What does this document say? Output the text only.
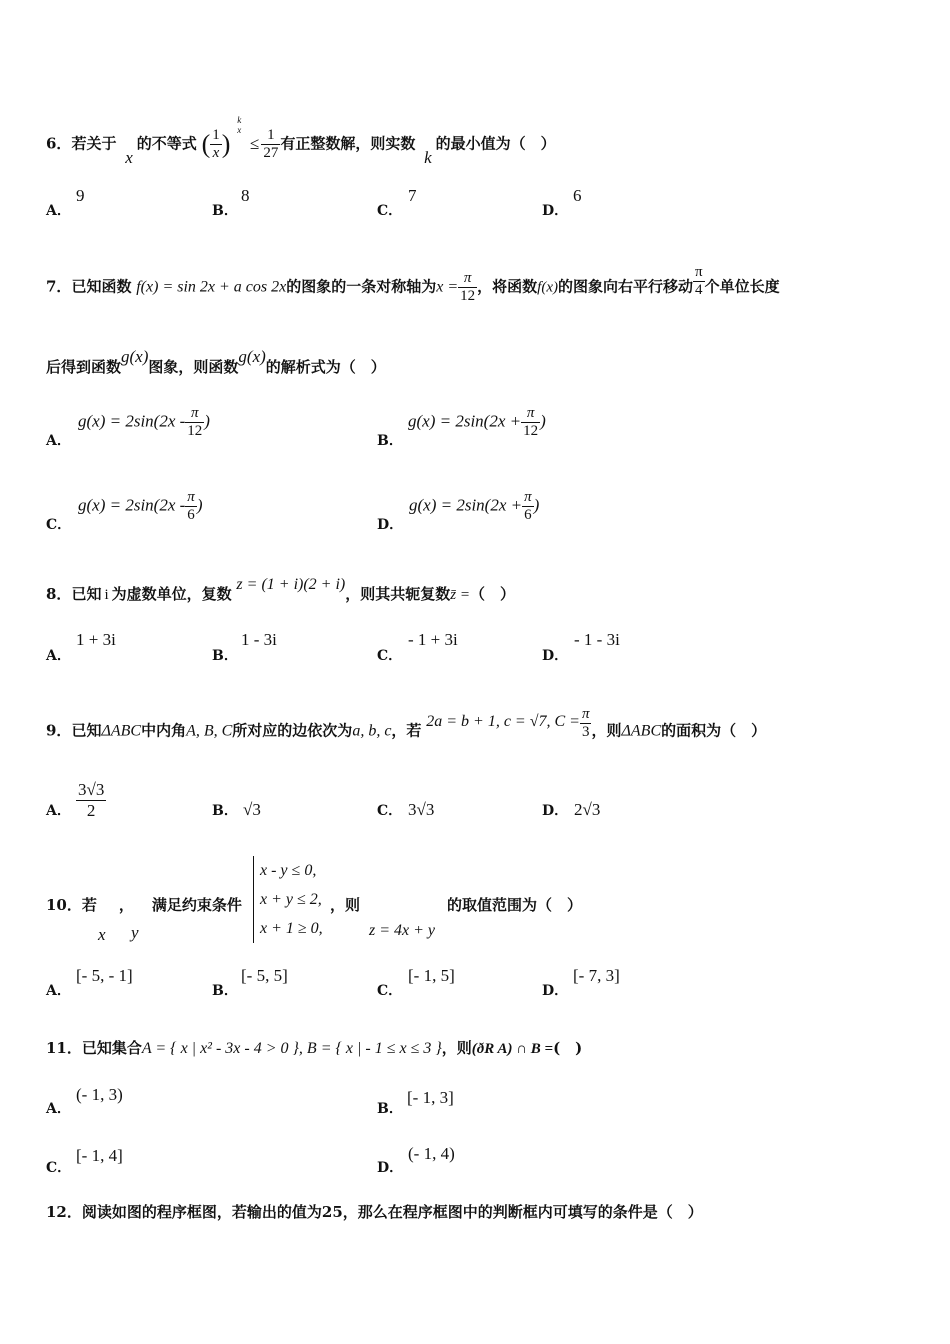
6．若关于 x的不等式 ( $\frac{1}{x}$ )
k
x
≤ $\frac{1}{27}$ 有正整数解，则实数 k的最小值为（　）
A．
9
B．
8
C．
7
D．
6
7．已知函数 f(x) = sin 2x + a cos 2x的图象的一条对称轴为$x = \frac{\pi}{12}$ ，将函数f(x)的图象向右平行移动 $\frac{\pi}{4}$ 个单位长度
后得到函数g(x)图象，则函数g(x)的解析式为（　）
A．
$g(x) = 2\sin(2x - \frac{\pi}{12}$ )
B．
$g(x) = 2\sin(2x + \frac{\pi}{12}$ )
C．
$g(x) = 2\sin(2x - \frac{\pi}{6}$ )
D．
$g(x) = 2\sin(2x + \frac{\pi}{6}$ )
8．已知 i 为虚数单位，复数 z = (1 + i)(2 + i)，则其共轭复数z̄ =（　）
A．
1 + 3i
B．
1 - 3i
C．
- 1 + 3i
D．
- 1 - 3i
9．已知ΔABC中内角A, B, C所对应的边依次为a, b, c，若 2a = b + 1, c = √7, $C = \frac{\pi}{3}$ ，则ΔABC的面积为（　）
A． $\frac{3√3}{2}$	B． √3	C． 3√3	D． 2√3
10．若 ， 满足约束条件
x y
x - y ≤ 0,
x + y ≤ 2,
x + 1 ≥ 0,
，则
z = 4x + y
的取值范围为（　）
A．
[- 5, - 1]
B．
[- 5, 5]
C．
[- 1, 5]
D．
[- 7, 3]
11．已知集合A = { x | x² - 3x - 4 > 0 }, B = { x | - 1 ≤ x ≤ 3 }，则(ðR A) ∩ B =(　)
A．
(- 1, 3)
B．
[- 1, 3]
C．
[- 1, 4]
D．
(- 1, 4)
12．阅读如图的程序框图，若输出的值为25，那么在程序框图中的判断框内可填写的条件是（　）
